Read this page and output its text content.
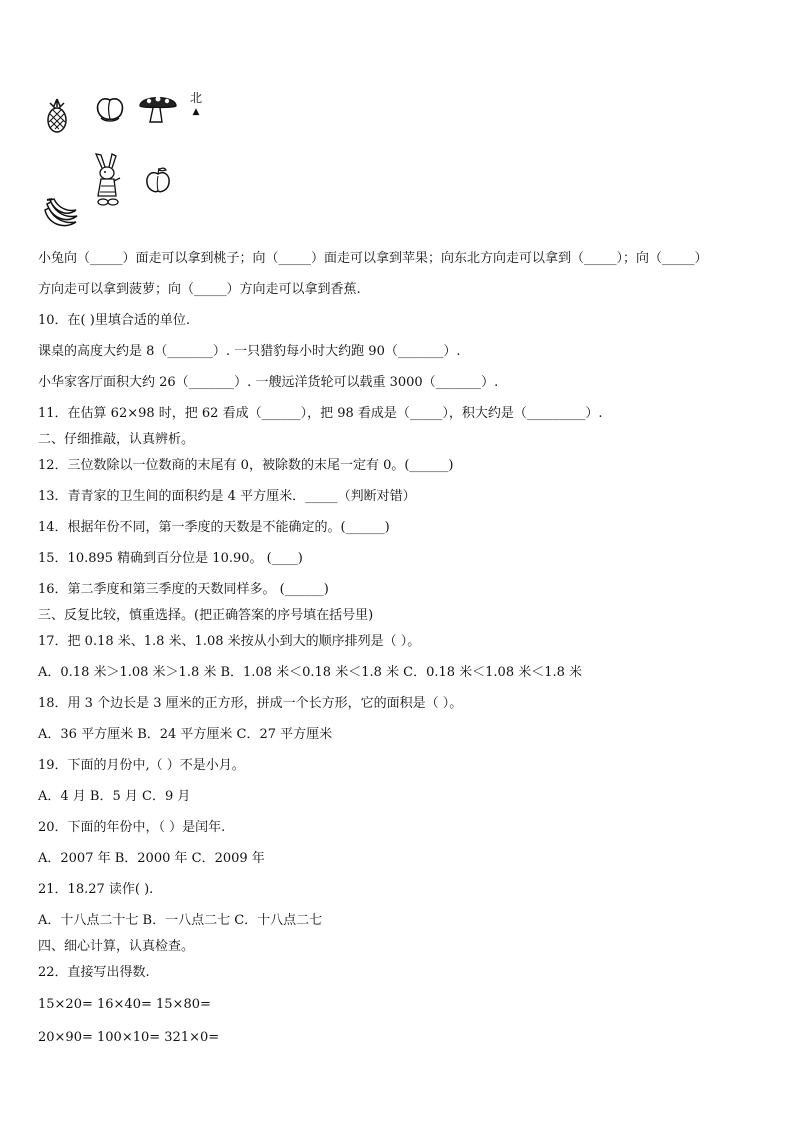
北
▲
小兔向（_____）面走可以拿到桃子；向（_____）面走可以拿到苹果；向东北方向走可以拿到（_____）；向（_____）
方向走可以拿到菠萝；向（_____）方向走可以拿到香蕉.
10．在( )里填合适的单位.
课桌的高度大约是 8（_______）. 一只猎豹每小时大约跑 90（_______）.
小华家客厅面积大约 26（_______）. 一艘远洋货轮可以载重 3000（_______）.
11．在估算 62×98 时，把 62 看成（______），把 98 看成是（_____），积大约是（_________）.
二、仔细推敲，认真辨析。
12．三位数除以一位数商的末尾有 0，被除数的末尾一定有 0。(______)
13．青青家的卫生间的面积约是 4 平方厘米．_____（判断对错）
14．根据年份不同，第一季度的天数是不能确定的。(______)
15．10.895 精确到百分位是 10.90。 (____)
16．第二季度和第三季度的天数同样多。 (______)
三、反复比较，慎重选择。(把正确答案的序号填在括号里)
17．把 0.18 米、1.8 米、1.08 米按从小到大的顺序排列是（ ）。
A．0.18 米＞1.08 米＞1.8 米 B．1.08 米＜0.18 米＜1.8 米 C．0.18 米＜1.08 米＜1.8 米
18．用 3 个边长是 3 厘米的正方形，拼成一个长方形，它的面积是（ ）。
A．36 平方厘米 B．24 平方厘米 C．27 平方厘米
19．下面的月份中,（ ）不是小月。
A．4 月 B．5 月 C．9 月
20．下面的年份中，（ ）是闰年.
A．2007 年 B．2000 年 C．2009 年
21．18.27 读作( ).
A．十八点二十七 B．一八点二七 C．十八点二七
四、细心计算，认真检查。
22．直接写出得数.
15×20= 16×40= 15×80=
20×90= 100×10= 321×0=
